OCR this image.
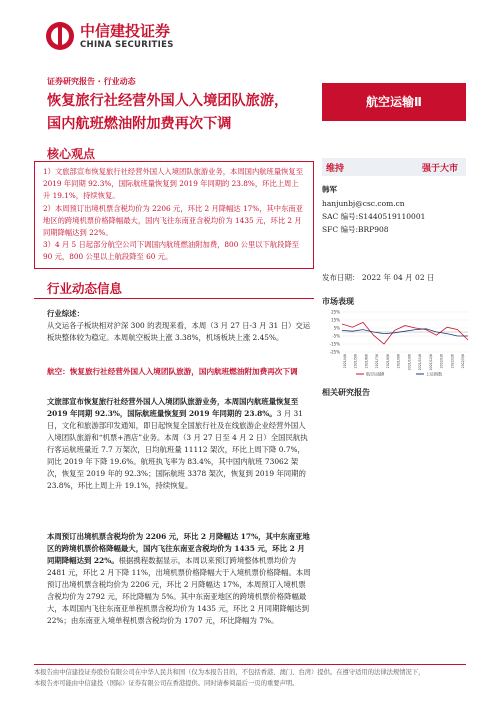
中信建投证券
CHINA SECURITIES
证券研究报告 · 行业动态
恢复旅行社经营外国人入境团队旅游，
国内航班燃油附加费再次下调
航空运输Ⅱ
核心观点

1）文旅部宣布恢复旅行社经营外国人入境团队旅游业务，本周国内航班量恢复至 2019 年同期 92.3%，国际航班量恢复到 2019 年同期的 23.8%，环比上周上升 19.1%，持续恢复。

2）本周预订出境机票含税均价为 2206 元，环比 2 月降幅达 17%，其中东南亚地区的跨境机票价格降幅最大，国内飞往东南亚含税均价为 1435 元，环比 2 月同期降幅达到 22%。

3）4 月 5 日起部分航空公司下调国内航班燃油附加费，800 公里以下航段降至 90 元，800 公里以上航段降至 60 元。

行业动态信息
行业综述：
从交运各子板块相对沪深 300 的表现来看，本周（3 月 27 日-3 月 31 日）交运板块整体较为稳定。本周航空板块上涨 3.38%，机场板块上涨 2.45%。
航空：恢复旅行社经营外国人入境团队旅游，国内航班燃油附加费再次下调
文旅部宣布恢复旅行社经营外国人入境团队旅游业务，本周国内航班量恢复至 2019 年同期 92.3%，国际航班量恢复到 2019 年同期的 23.8%。3 月 31 日，文化和旅游部印发通知，即日起恢复全国旅行社及在线旅游企业经营外国人入境团队旅游和“机票+酒店”业务。本周（3 月 27 日至 4 月 2 日）全国民航执行客运航班量近 7.7 万架次，日均航班量 11112 架次，环比上周下降 0.7%，同比 2019 年下降 19.6%。航班执飞率为 83.4%，其中国内航班 73062 架次，恢复至 2019 年的 92.3%；国际航班 3378 架次，恢复到 2019 年同期的 23.8%，环比上周上升 19.1%，持续恢复。
本周预订出境机票含税均价为 2206 元，环比 2 月降幅达 17%，其中东南亚地区的跨境机票价格降幅最大，国内飞往东南亚含税均价为 1435 元，环比 2 月同期降幅达到 22%。根据携程数据显示，本周以来预订跨境整体机票均价为 2481 元，环比 2 月下降 11%，出境机票价格降幅大于入境机票价格降幅。本周预订出境机票含税均价为 2206 元，环比 2 月降幅达 17%，本周预订入境机票含税均价为 2792 元，环比降幅为 5%。其中东南亚地区的跨境机票价格降幅最大，本周国内飞往东南亚单程机票含税均价为 1435 元，环比 2 月同期降幅达到 22%；由东南亚入境单程机票含税均价为 1707 元，环比降幅为 7%。
维持	强于大市
韩军
hanjunbj@csc.com.cn
SAC 编号:S1440519110001
SFC 编号:BRP908
发布日期： 2022 年 04 月 02 日
市场表现
25%
15%
5%
-5%
-15%
-25%
2021/4/6 2021/5/6 2021/6/6 2021/7/6 2021/8/6 2021/9/6 2021/10/6 2021/11/6 2021/12/6 2022/1/6 2022/2/6 2022/3/6
航空运输Ⅱ	上证指数
相关研究报告
本报告由中信建投证券股份有限公司在中华人民共和国（仅为本报告目的，不包括香港、澳门、台湾）提供。在遵守适用的法律法规情况下，
本报告亦可能由中信建投（国际）证券有限公司在香港提供。同时请参阅最后一页的重要声明。
